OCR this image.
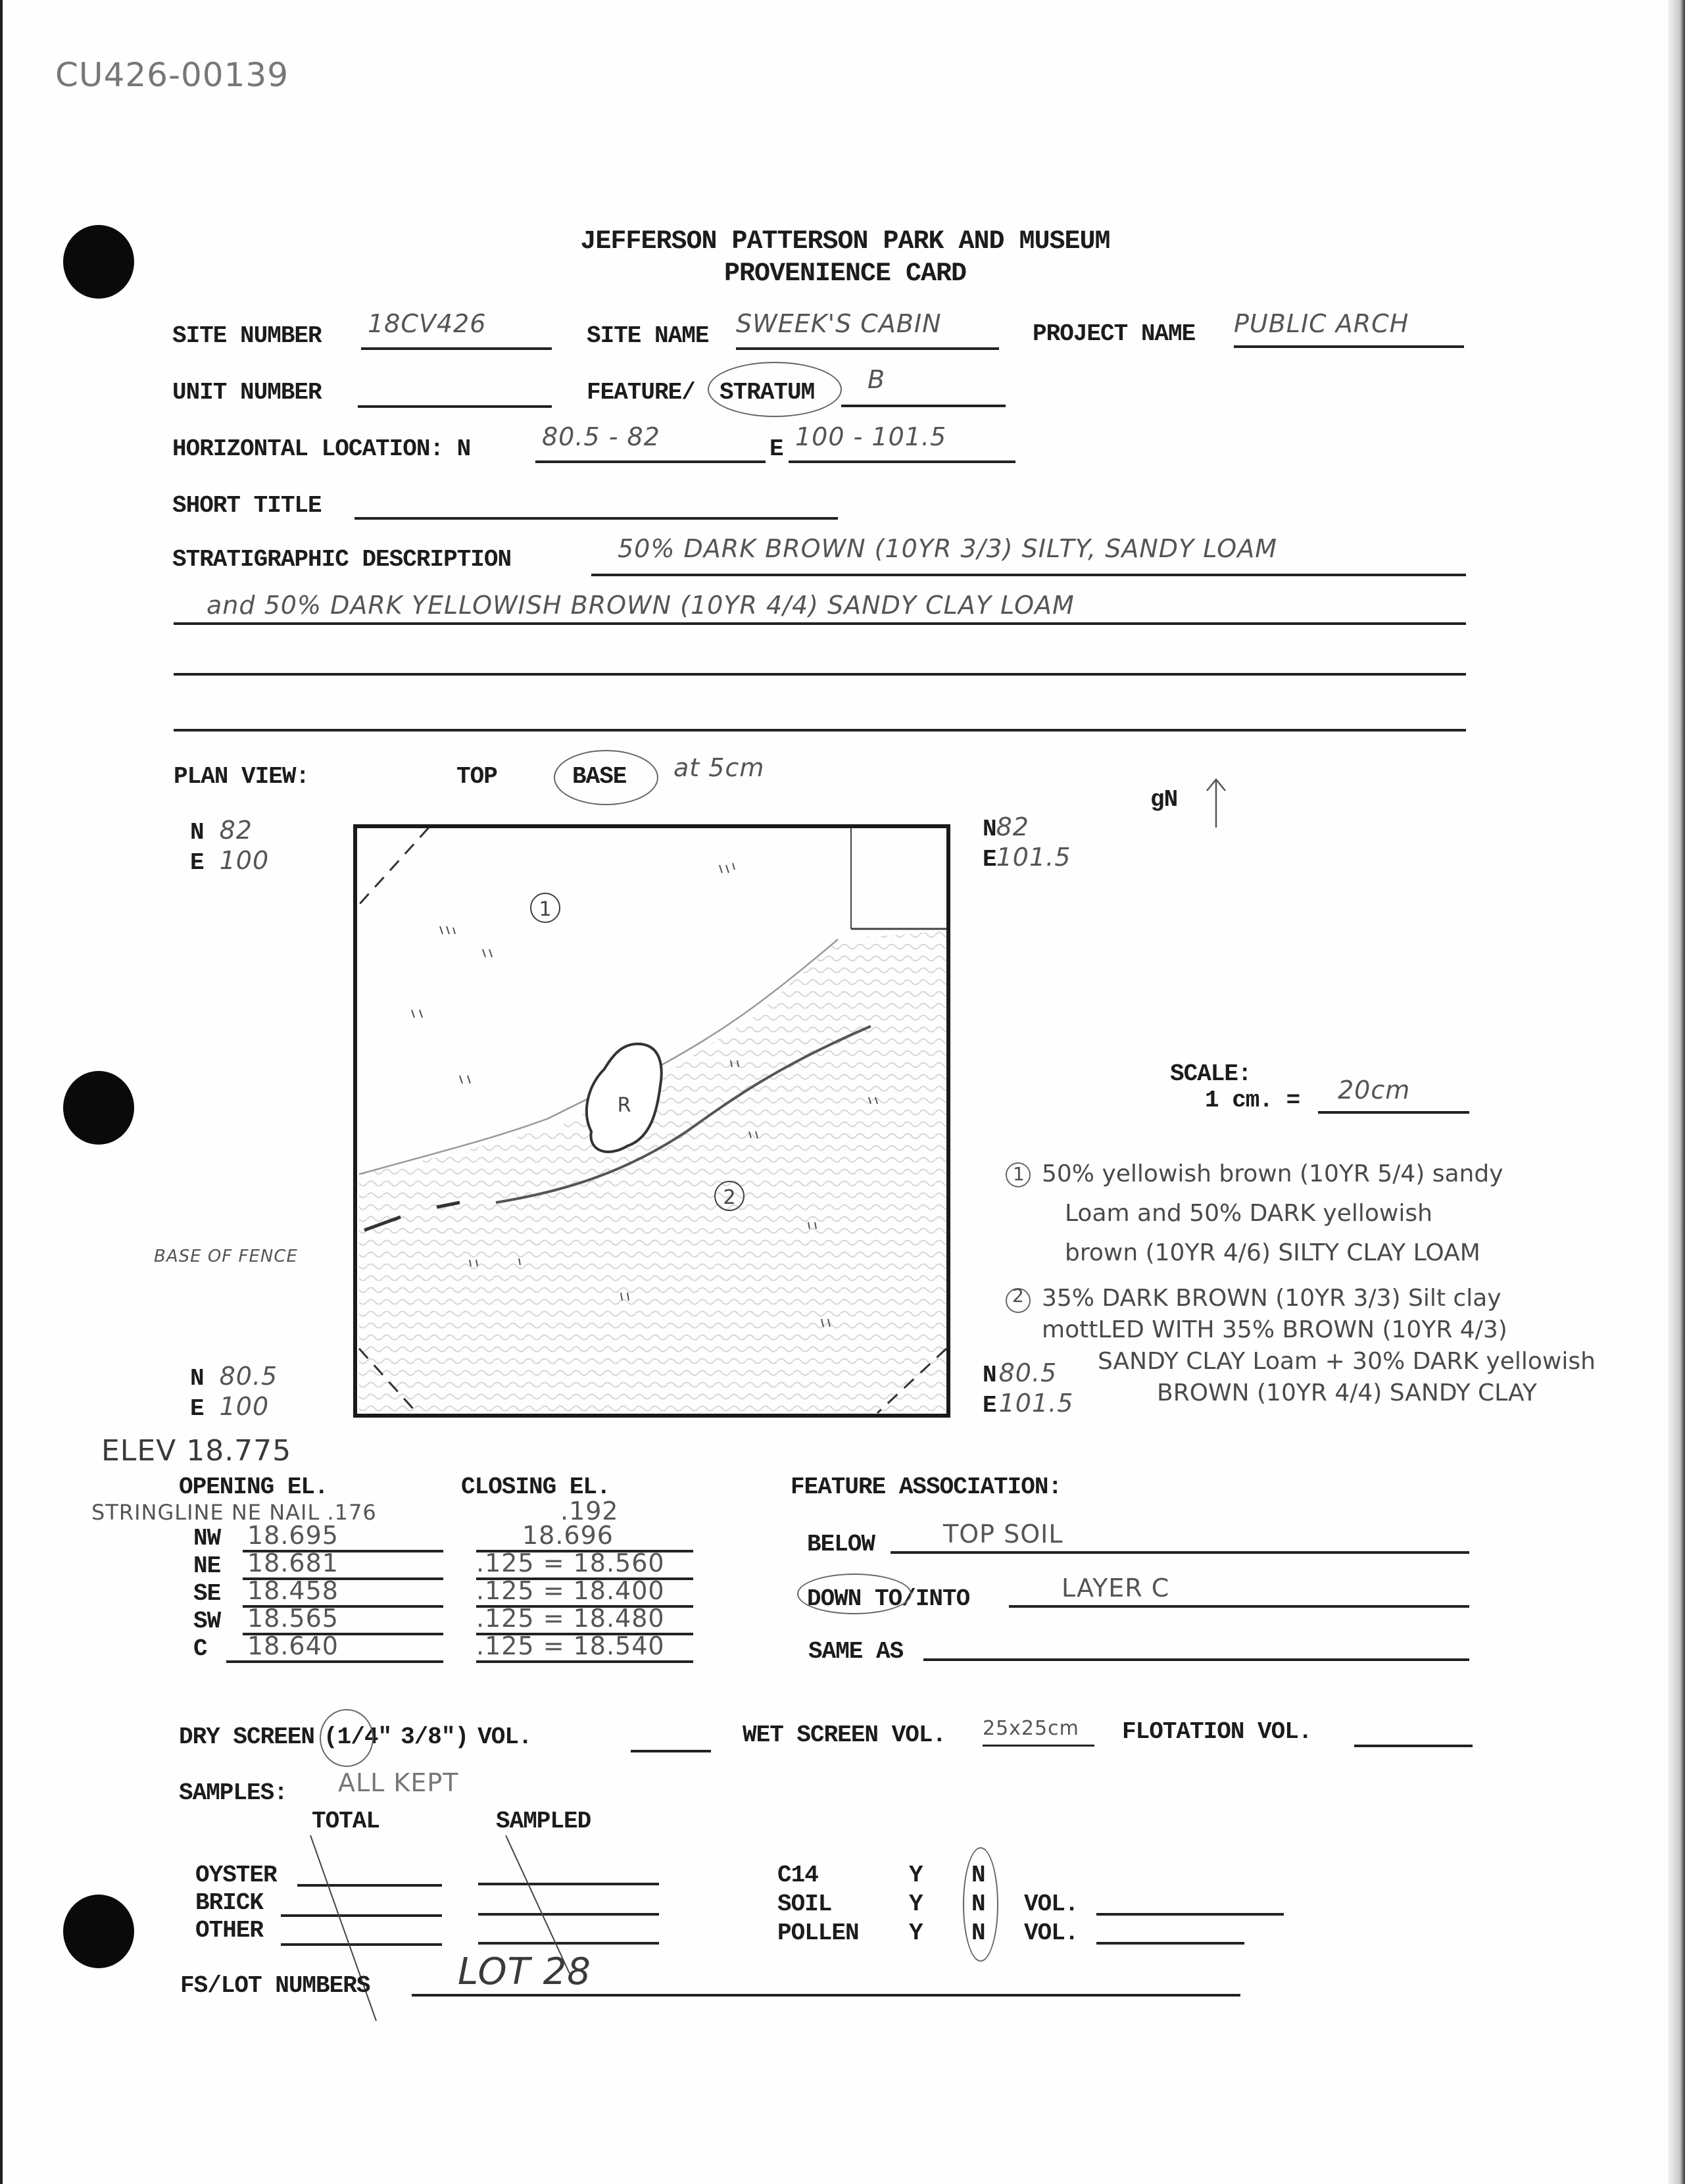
CU426-00139
JEFFERSON PATTERSON PARK AND MUSEUM
PROVENIENCE CARD
SITE NUMBER 18CV426	SITE NAME SWEEK'S CABIN	PROJECT NAME PUBLIC ARCH
UNIT NUMBER	FEATURE/ STRATUM	B
HORIZONTAL LOCATION: N	80.5 - 82	E 100 - 101.5
SHORT TITLE
STRATIGRAPHIC DESCRIPTION	50% DARK BROWN (10YR 3/3) SILTY, SANDY LOAM
and 50% DARK YELLOWISH BROWN (10YR 4/4) SANDY CLAY LOAM
PLAN VIEW:	TOP	BASE at 5cm
N 82
E 100
N82
E101.5
N 80.5
E 100
N 80.5
E 101.5
1
2
R
BASE OF FENCE
gN
SCALE:
1 cm. =	20cm
1 50% yellowish brown (10YR 5/4) sandy
Loam and 50% DARK yellowish
brown (10YR 4/6) SILTY CLAY LOAM
2 35% DARK BROWN (10YR 3/3) Silt clay
mottLED WITH 35% BROWN (10YR 4/3)
SANDY CLAY Loam + 30% DARK yellowish
BROWN (10YR 4/4) SANDY CLAY
ELEV 18.775
OPENING EL.	CLOSING EL.
STRINGLINE NE NAIL .176	.192
NW 18.695	18.696
NE 18.681	.125 = 18.560
SE 18.458	.125 = 18.400
SW 18.565	.125 = 18.480
C 18.640	.125 = 18.540
FEATURE ASSOCIATION:
BELOW	TOP SOIL
DOWN TO/INTO	LAYER C
SAME AS
DRY SCREEN (1/4" 3/8") VOL.	WET SCREEN VOL. 25x25cm	FLOTATION VOL.
SAMPLES: ALL KEPT
TOTAL	SAMPLED
OYSTER
BRICK
OTHER
C14	Y N
SOIL	Y N VOL.
POLLEN Y N VOL.
FS/LOT NUMBERS	LOT 28
